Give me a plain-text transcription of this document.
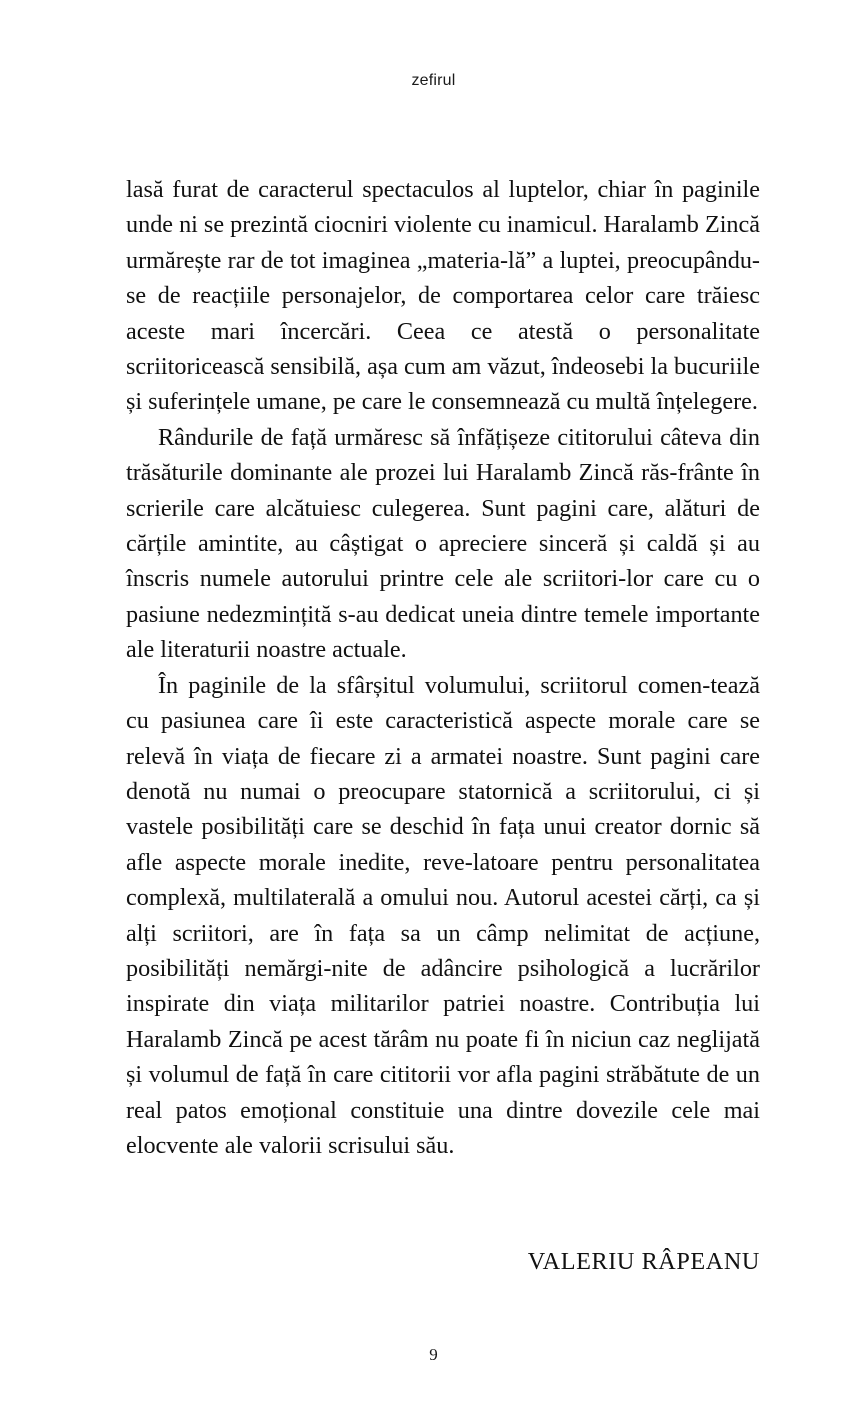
zefirul

lasă furat de caracterul spectaculos al luptelor, chiar în paginile unde ni se prezintă ciocniri violente cu inamicul. Haralamb Zincă urmărește rar de tot imaginea „materia-lă” a luptei, preocupându-se de reacțiile personajelor, de comportarea celor care trăiesc aceste mari încercări. Ceea ce atestă o personalitate scriitoricească sensibilă, așa cum am văzut, îndeosebi la bucuriile și suferințele umane, pe care le consemnează cu multă înțelegere.

Rândurile de față urmăresc să înfățișeze cititorului câteva din trăsăturile dominante ale prozei lui Haralamb Zincă răs-frânte în scrierile care alcătuiesc culegerea. Sunt pagini care, alături de cărțile amintite, au câștigat o apreciere sinceră și caldă și au înscris numele autorului printre cele ale scriitori-lor care cu o pasiune nedezmințită s-au dedicat uneia dintre temele importante ale literaturii noastre actuale.

În paginile de la sfârșitul volumului, scriitorul comen-tează cu pasiunea care îi este caracteristică aspecte morale care se relevă în viața de fiecare zi a armatei noastre. Sunt pagini care denotă nu numai o preocupare statornică a scriitorului, ci și vastele posibilități care se deschid în fața unui creator dornic să afle aspecte morale inedite, reve-latoare pentru personalitatea complexă, multilaterală a omului nou. Autorul acestei cărți, ca și alți scriitori, are în fața sa un câmp nelimitat de acțiune, posibilități nemărgi-nite de adâncire psihologică a lucrărilor inspirate din viața militarilor patriei noastre. Contribuția lui Haralamb Zincă pe acest tărâm nu poate fi în niciun caz neglijată și volumul de față în care cititorii vor afla pagini străbătute de un real patos emoțional constituie una dintre dovezile cele mai elocvente ale valorii scrisului său.

VALERIU RÂPEANU
9
